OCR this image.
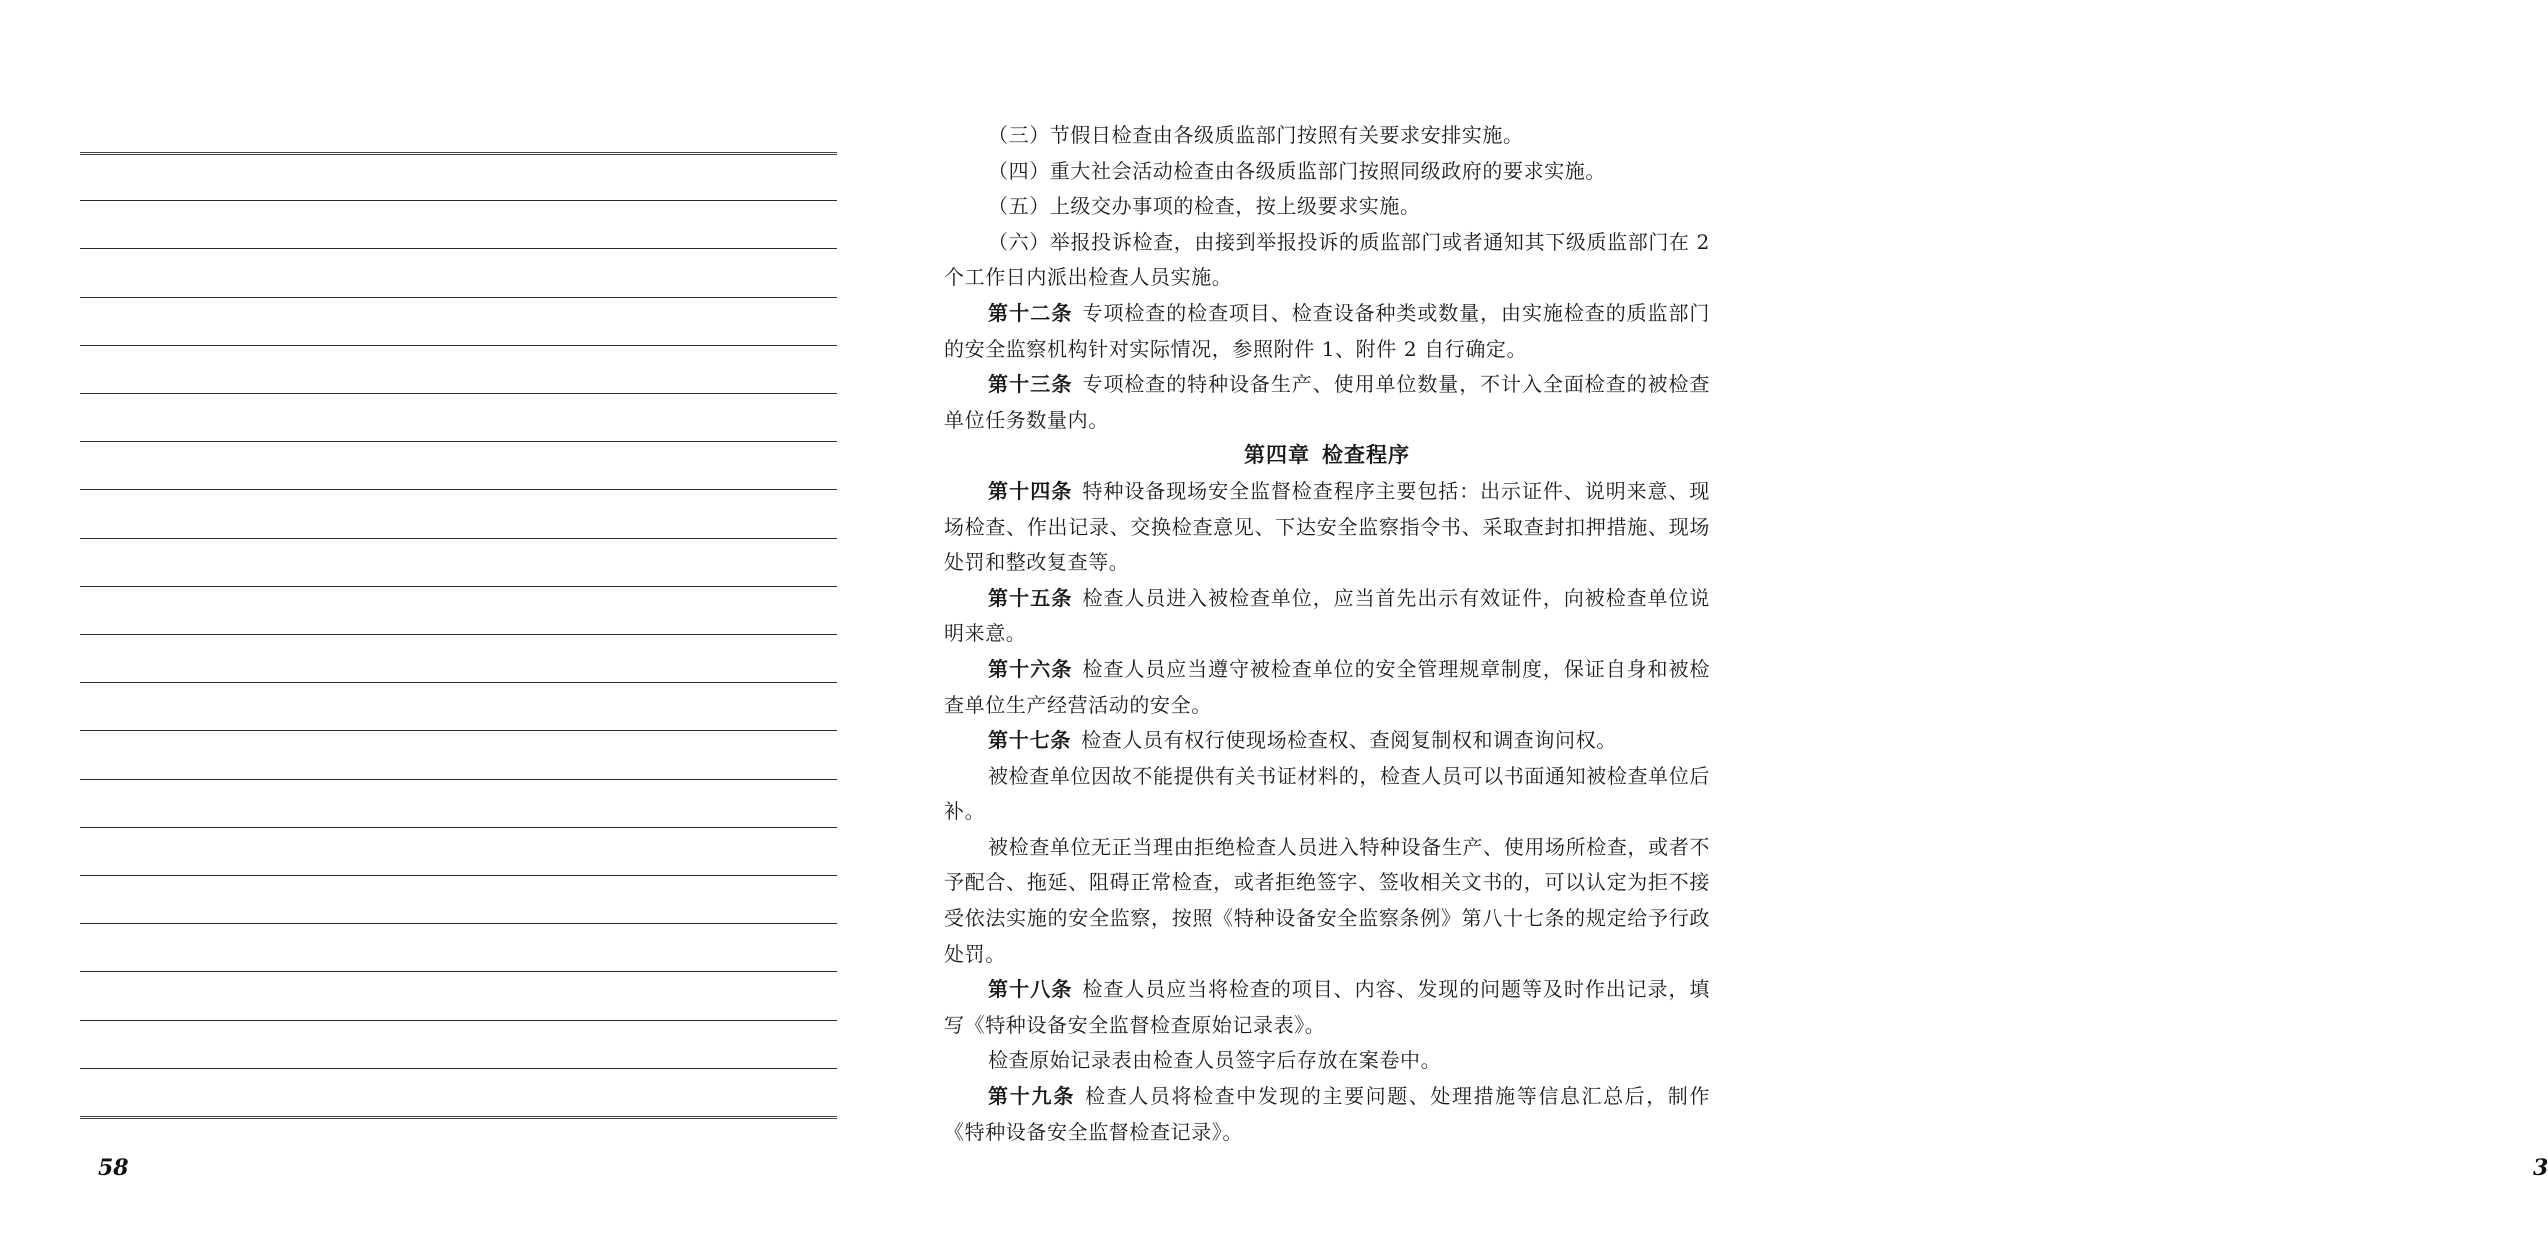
58

（三）节假日检查由各级质监部门按照有关要求安排实施。

（四）重大社会活动检查由各级质监部门按照同级政府的要求实施。

（五）上级交办事项的检查，按上级要求实施。

（六）举报投诉检查，由接到举报投诉的质监部门或者通知其下级质监部门在 2 个工作日内派出检查人员实施。

第十二条 专项检查的检查项目、检查设备种类或数量，由实施检查的质监部门的安全监察机构针对实际情况，参照附件 1、附件 2 自行确定。

第十三条 专项检查的特种设备生产、使用单位数量，不计入全面检查的被检查单位任务数量内。

第四章 检查程序

第十四条 特种设备现场安全监督检查程序主要包括：出示证件、说明来意、现场检查、作出记录、交换检查意见、下达安全监察指令书、采取查封扣押措施、现场处罚和整改复查等。

第十五条 检查人员进入被检查单位，应当首先出示有效证件，向被检查单位说明来意。

第十六条 检查人员应当遵守被检查单位的安全管理规章制度，保证自身和被检查单位生产经营活动的安全。

第十七条 检查人员有权行使现场检查权、查阅复制权和调查询问权。

被检查单位因故不能提供有关书证材料的，检查人员可以书面通知被检查单位后补。

被检查单位无正当理由拒绝检查人员进入特种设备生产、使用场所检查，或者不予配合、拖延、阻碍正常检查，或者拒绝签字、签收相关文书的，可以认定为拒不接受依法实施的安全监察，按照《特种设备安全监察条例》第八十七条的规定给予行政处罚。

第十八条 检查人员应当将检查的项目、内容、发现的问题等及时作出记录，填写《特种设备安全监督检查原始记录表》。

检查原始记录表由检查人员签字后存放在案卷中。

第十九条 检查人员将检查中发现的主要问题、处理措施等信息汇总后，制作《特种设备安全监督检查记录》。

3
